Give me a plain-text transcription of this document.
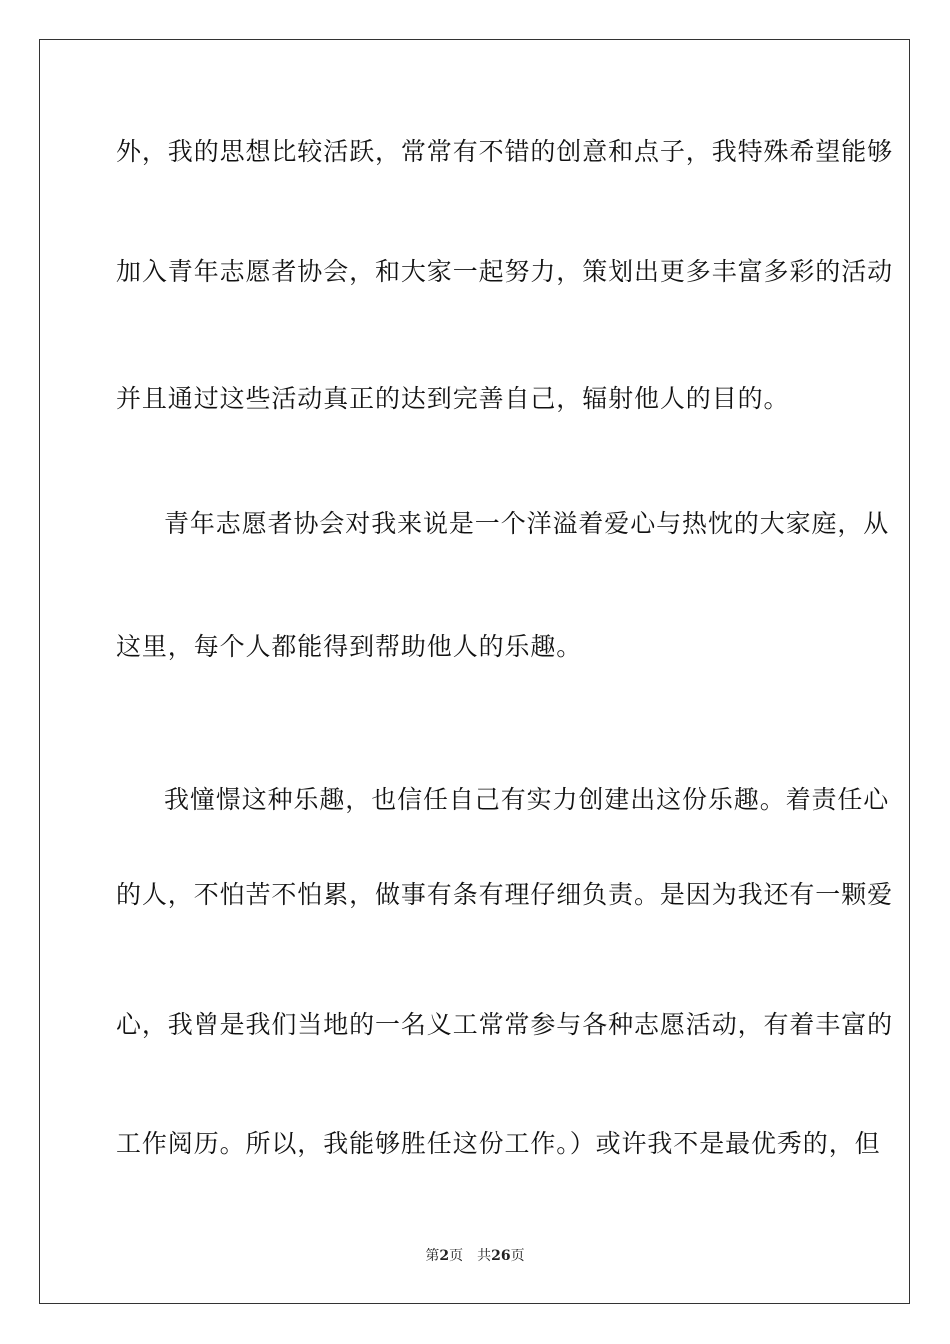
外，我的思想比较活跃，常常有不错的创意和点子，我特殊希望能够
加入青年志愿者协会，和大家一起努力，策划出更多丰富多彩的活动
并且通过这些活动真正的达到完善自己，辐射他人的目的。
青年志愿者协会对我来说是一个洋溢着爱心与热忱的大家庭，从
这里，每个人都能得到帮助他人的乐趣。
我憧憬这种乐趣，也信任自己有实力创建出这份乐趣。着责任心
的人，不怕苦不怕累，做事有条有理仔细负责。是因为我还有一颗爱
心，我曾是我们当地的一名义工常常参与各种志愿活动，有着丰富的
工作阅历。所以，我能够胜任这份工作。）或许我不是最优秀的，但
第2页 共26页
